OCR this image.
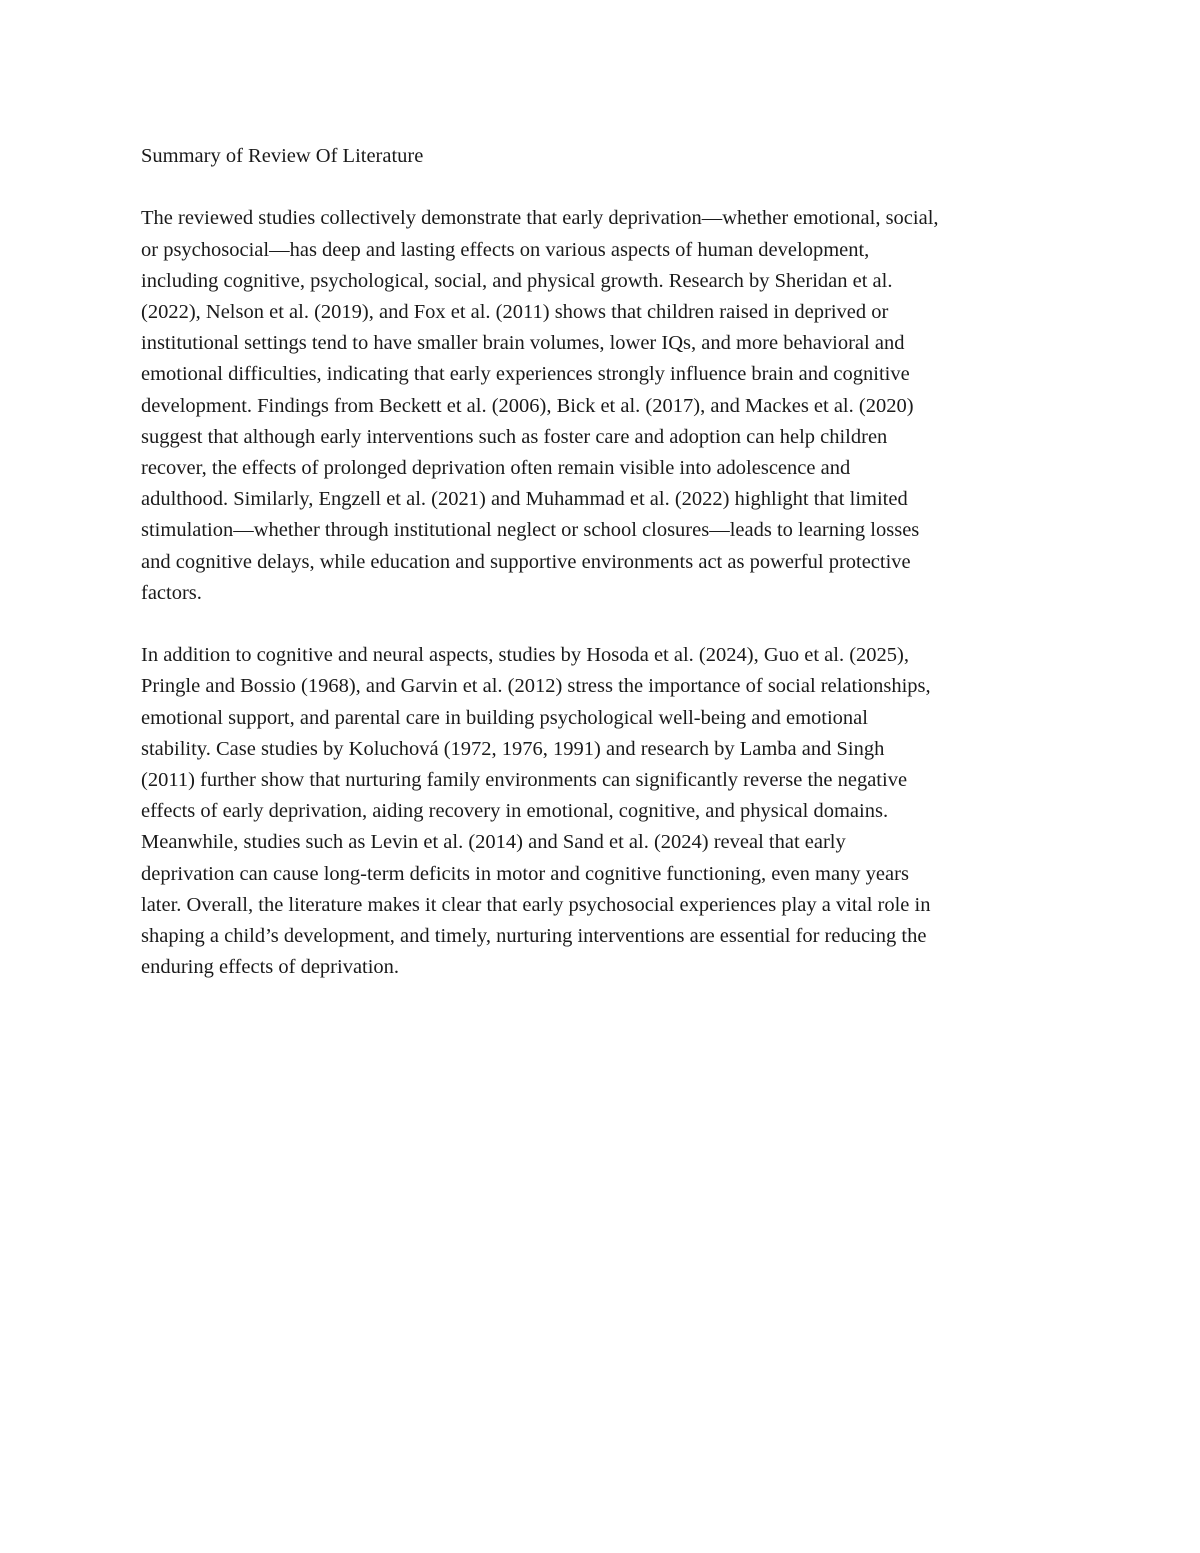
Summary of Review Of Literature
The reviewed studies collectively demonstrate that early deprivation—whether emotional, social,
or psychosocial—has deep and lasting effects on various aspects of human development,
including cognitive, psychological, social, and physical growth. Research by Sheridan et al.
(2022), Nelson et al. (2019), and Fox et al. (2011) shows that children raised in deprived or
institutional settings tend to have smaller brain volumes, lower IQs, and more behavioral and
emotional difficulties, indicating that early experiences strongly influence brain and cognitive
development. Findings from Beckett et al. (2006), Bick et al. (2017), and Mackes et al. (2020)
suggest that although early interventions such as foster care and adoption can help children
recover, the effects of prolonged deprivation often remain visible into adolescence and
adulthood. Similarly, Engzell et al. (2021) and Muhammad et al. (2022) highlight that limited
stimulation—whether through institutional neglect or school closures—leads to learning losses
and cognitive delays, while education and supportive environments act as powerful protective
factors.
In addition to cognitive and neural aspects, studies by Hosoda et al. (2024), Guo et al. (2025),
Pringle and Bossio (1968), and Garvin et al. (2012) stress the importance of social relationships,
emotional support, and parental care in building psychological well-being and emotional
stability. Case studies by Koluchová (1972, 1976, 1991) and research by Lamba and Singh
(2011) further show that nurturing family environments can significantly reverse the negative
effects of early deprivation, aiding recovery in emotional, cognitive, and physical domains.
Meanwhile, studies such as Levin et al. (2014) and Sand et al. (2024) reveal that early
deprivation can cause long-term deficits in motor and cognitive functioning, even many years
later. Overall, the literature makes it clear that early psychosocial experiences play a vital role in
shaping a child’s development, and timely, nurturing interventions are essential for reducing the
enduring effects of deprivation.
